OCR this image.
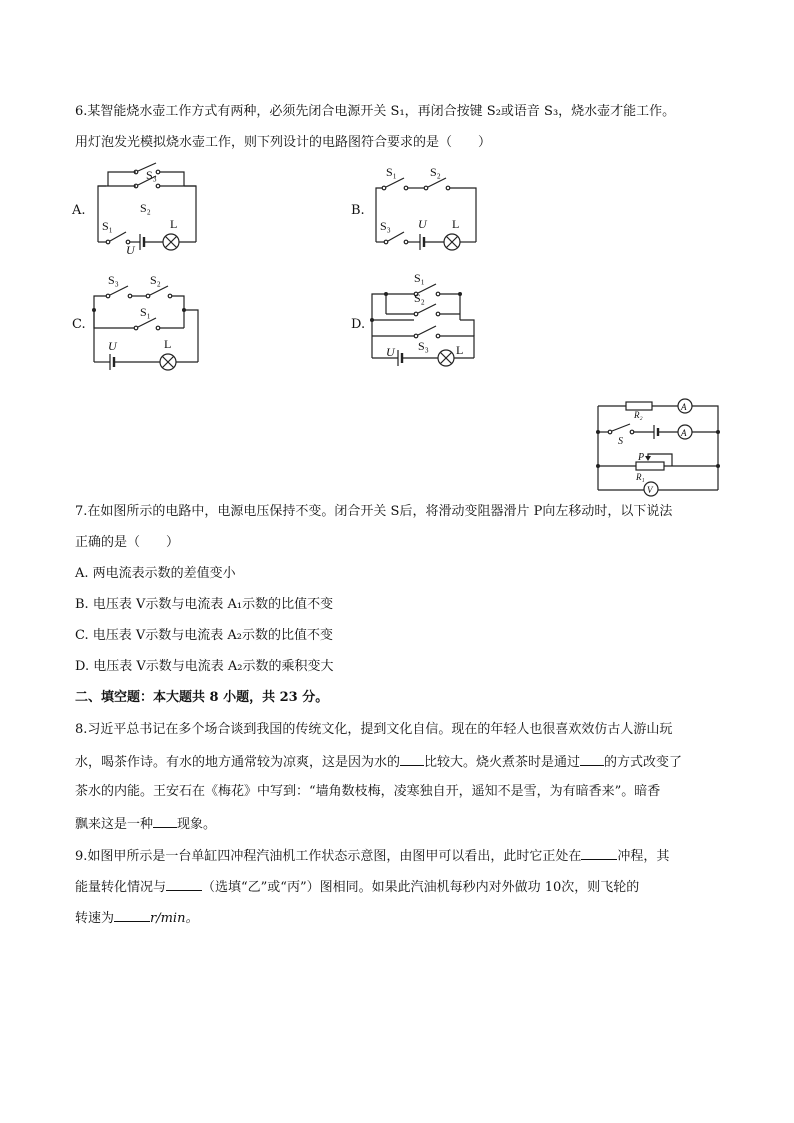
6.某智能烧水壶工作方式有两种，必须先闭合电源开关 S₁，再闭合按键 S₂或语音 S₃，烧水壶才能工作。
用灯泡发光模拟烧水壶工作，则下列设计的电路图符合要求的是（　　）
A.
S₃
S₂
S₁
U
L
B.
S₁	S₂
S₃ U L
C.
S₃	S₂
S₁
U	L
D.
S₁
S₂
S₃
U	L
R₂
A
S
A
P
R₁
V
7.在如图所示的电路中，电源电压保持不变。闭合开关 S后，将滑动变阻器滑片 P向左移动时，以下说法
正确的是（　　）
A. 两电流表示数的差值变小
B. 电压表 V示数与电流表 A₁示数的比值不变
C. 电压表 V示数与电流表 A₂示数的比值不变
D. 电压表 V示数与电流表 A₂示数的乘积变大
二、填空题：本大题共 8 小题，共 23 分。
8.习近平总书记在多个场合谈到我国的传统文化，提到文化自信。现在的年轻人也很喜欢效仿古人游山玩
水，喝茶作诗。有水的地方通常较为凉爽，这是因为水的 比较大。烧火煮茶时是通过 的方式改变了
茶水的内能。王安石在《梅花》中写到：“墙角数枝梅，凌寒独自开，遥知不是雪，为有暗香来”。暗香
飘来这是一种 现象。
9.如图甲所示是一台单缸四冲程汽油机工作状态示意图，由图甲可以看出，此时它正处在	冲程，其
能量转化情况与	（选填“乙”或“丙”）图相同。如果此汽油机每秒内对外做功 10次，则飞轮的
转速为	r/min。
